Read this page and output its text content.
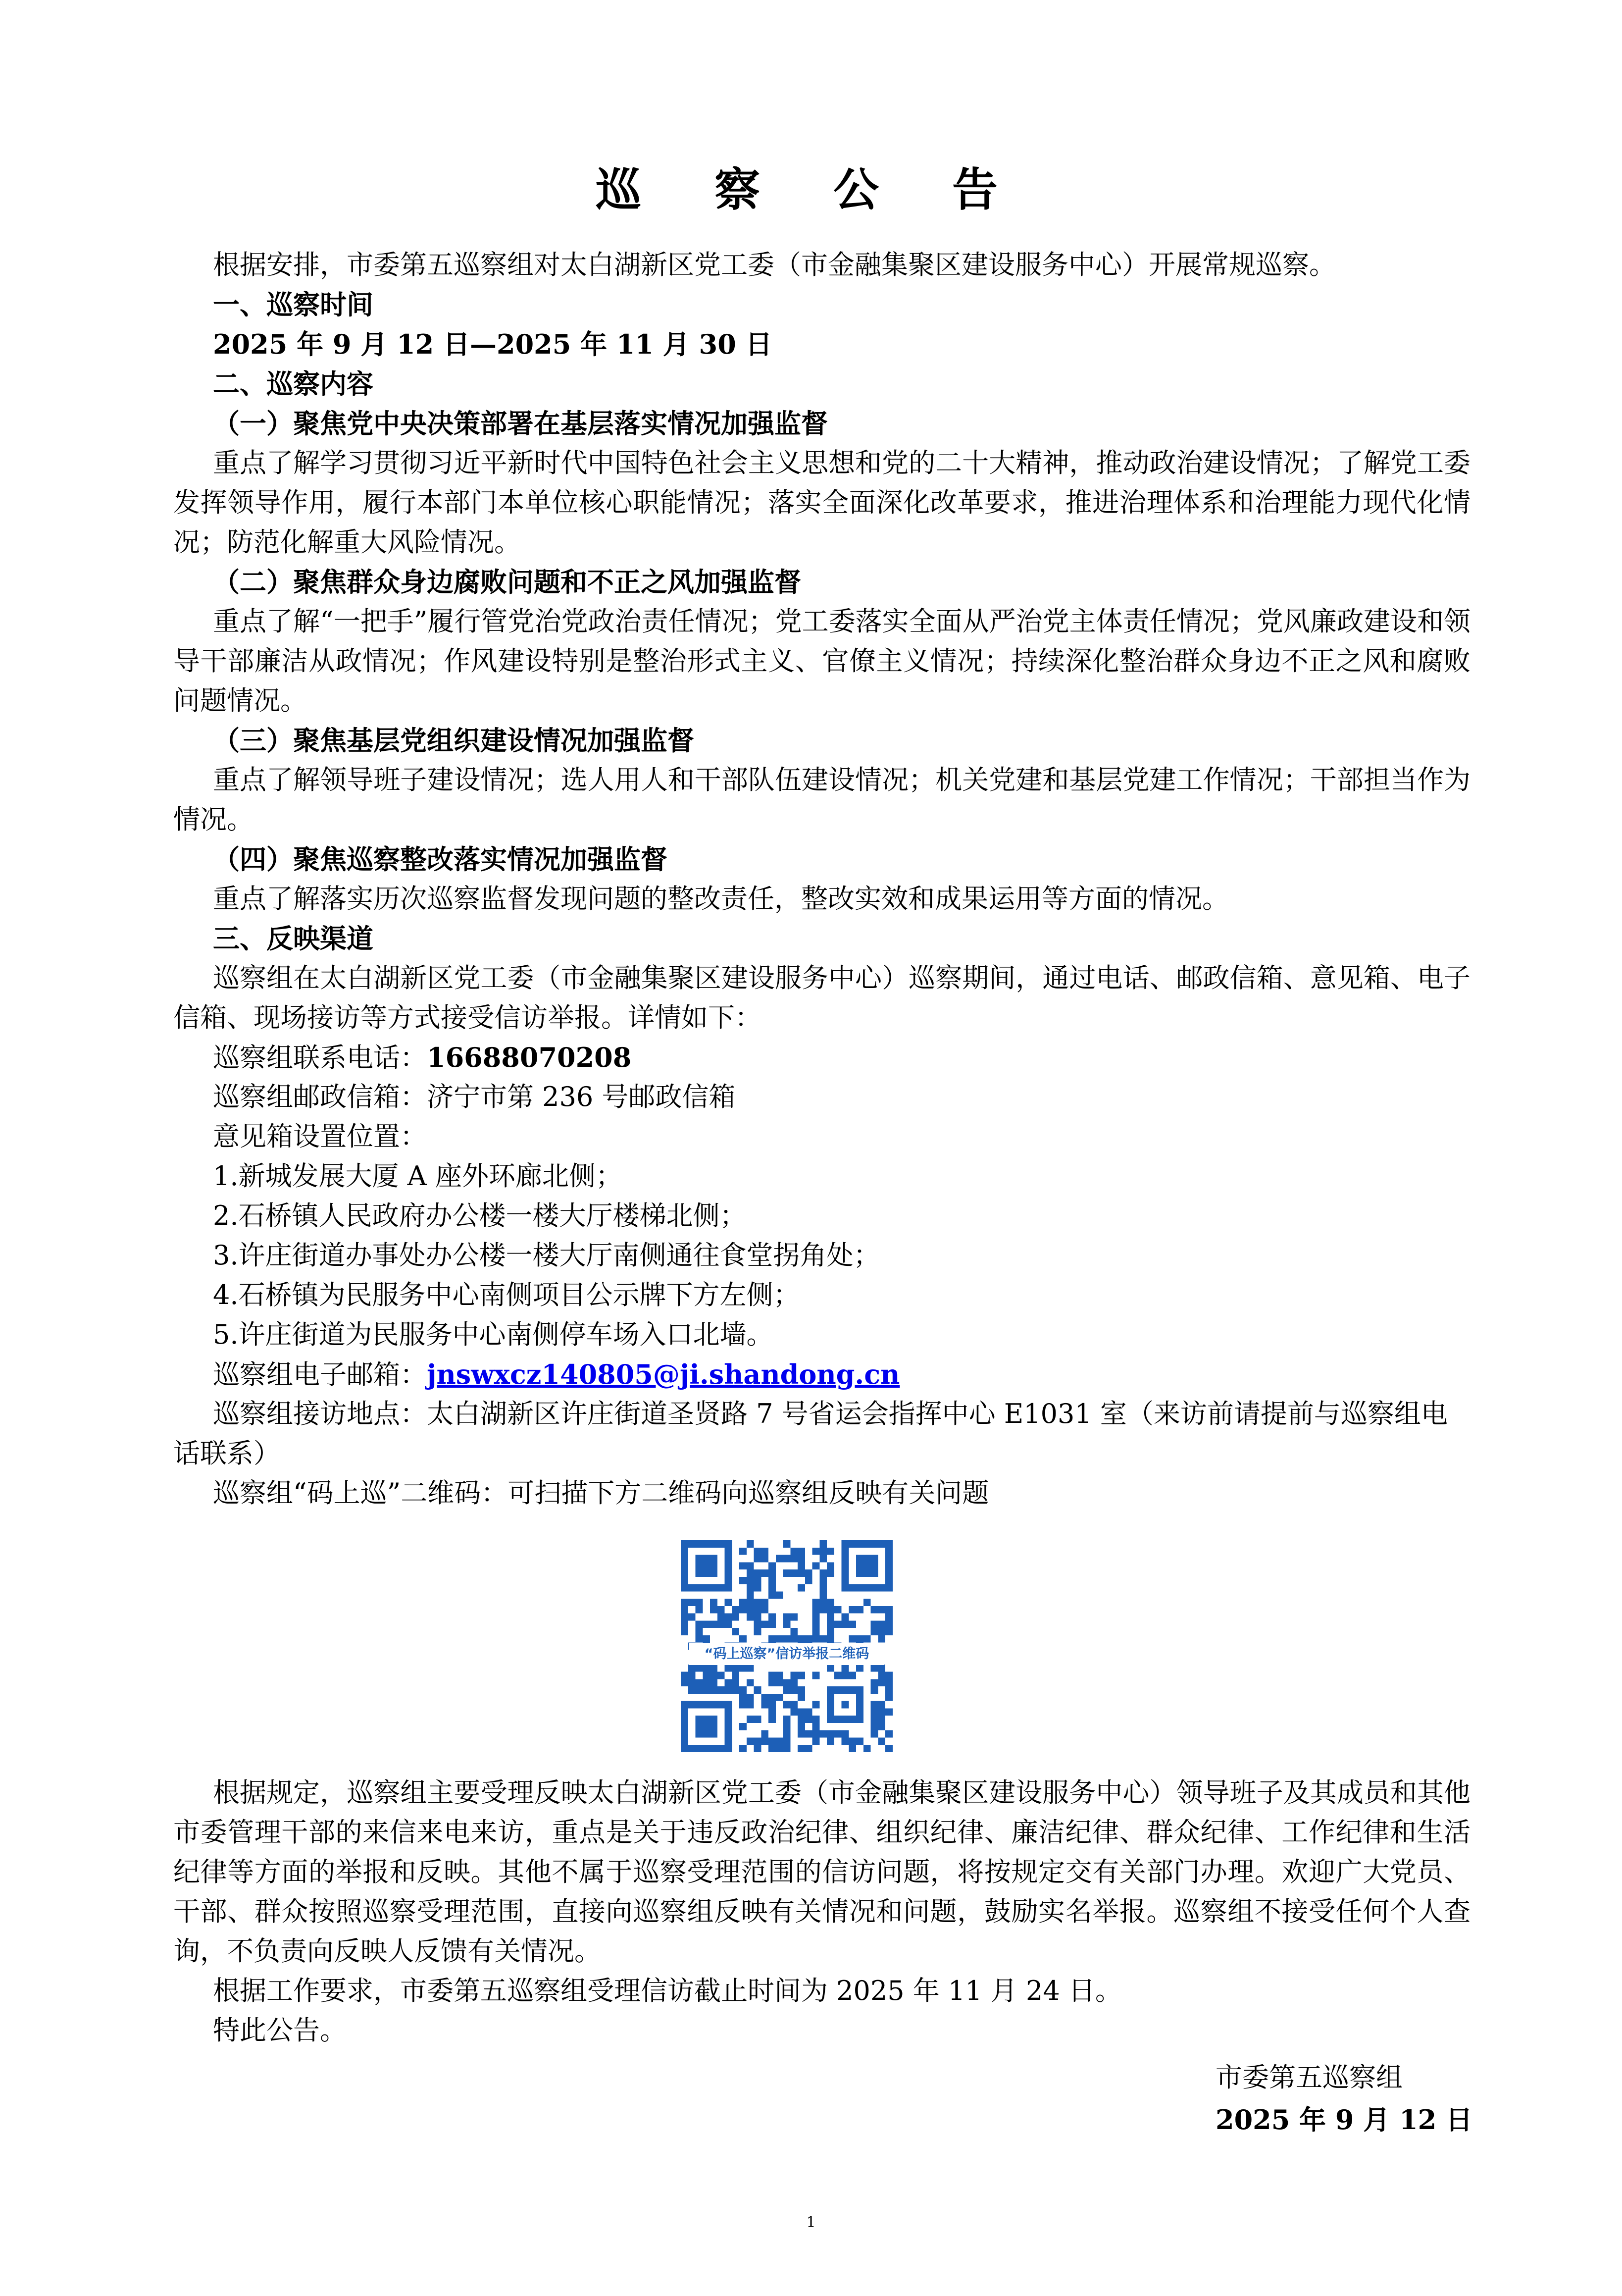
巡 察 公 告
根据安排，市委第五巡察组对太白湖新区党工委（市金融集聚区建设服务中心）开展常规巡察。
一、巡察时间
2025 年 9 月 12 日—2025 年 11 月 30 日
二、巡察内容
（一）聚焦党中央决策部署在基层落实情况加强监督
重点了解学习贯彻习近平新时代中国特色社会主义思想和党的二十大精神，推动政治建设情况；了解党工委发挥领导作用，履行本部门本单位核心职能情况；落实全面深化改革要求，推进治理体系和治理能力现代化情况；防范化解重大风险情况。
（二）聚焦群众身边腐败问题和不正之风加强监督
重点了解“一把手”履行管党治党政治责任情况；党工委落实全面从严治党主体责任情况；党风廉政建设和领导干部廉洁从政情况；作风建设特别是整治形式主义、官僚主义情况；持续深化整治群众身边不正之风和腐败问题情况。
（三）聚焦基层党组织建设情况加强监督
重点了解领导班子建设情况；选人用人和干部队伍建设情况；机关党建和基层党建工作情况；干部担当作为情况。
（四）聚焦巡察整改落实情况加强监督
重点了解落实历次巡察监督发现问题的整改责任，整改实效和成果运用等方面的情况。
三、反映渠道
巡察组在太白湖新区党工委（市金融集聚区建设服务中心）巡察期间，通过电话、邮政信箱、意见箱、电子信箱、现场接访等方式接受信访举报。详情如下：
巡察组联系电话：16688070208
巡察组邮政信箱：济宁市第 236 号邮政信箱
意见箱设置位置：
1.新城发展大厦 A 座外环廊北侧；
2.石桥镇人民政府办公楼一楼大厅楼梯北侧；
3.许庄街道办事处办公楼一楼大厅南侧通往食堂拐角处；
4.石桥镇为民服务中心南侧项目公示牌下方左侧；
5.许庄街道为民服务中心南侧停车场入口北墙。
巡察组电子邮箱：jnswxcz140805@ji.shandong.cn
巡察组接访地点：太白湖新区许庄街道圣贤路 7 号省运会指挥中心 E1031 室（来访前请提前与巡察组电
话联系）
巡察组“码上巡”二维码：可扫描下方二维码向巡察组反映有关问题
“码上巡察”信访举报二维码
根据规定，巡察组主要受理反映太白湖新区党工委（市金融集聚区建设服务中心）领导班子及其成员和其他市委管理干部的来信来电来访，重点是关于违反政治纪律、组织纪律、廉洁纪律、群众纪律、工作纪律和生活纪律等方面的举报和反映。其他不属于巡察受理范围的信访问题，将按规定交有关部门办理。欢迎广大党员、干部、群众按照巡察受理范围，直接向巡察组反映有关情况和问题，鼓励实名举报。巡察组不接受任何个人查询，不负责向反映人反馈有关情况。
根据工作要求，市委第五巡察组受理信访截止时间为 2025 年 11 月 24 日。
特此公告。
市委第五巡察组
2025 年 9 月 12 日
1
